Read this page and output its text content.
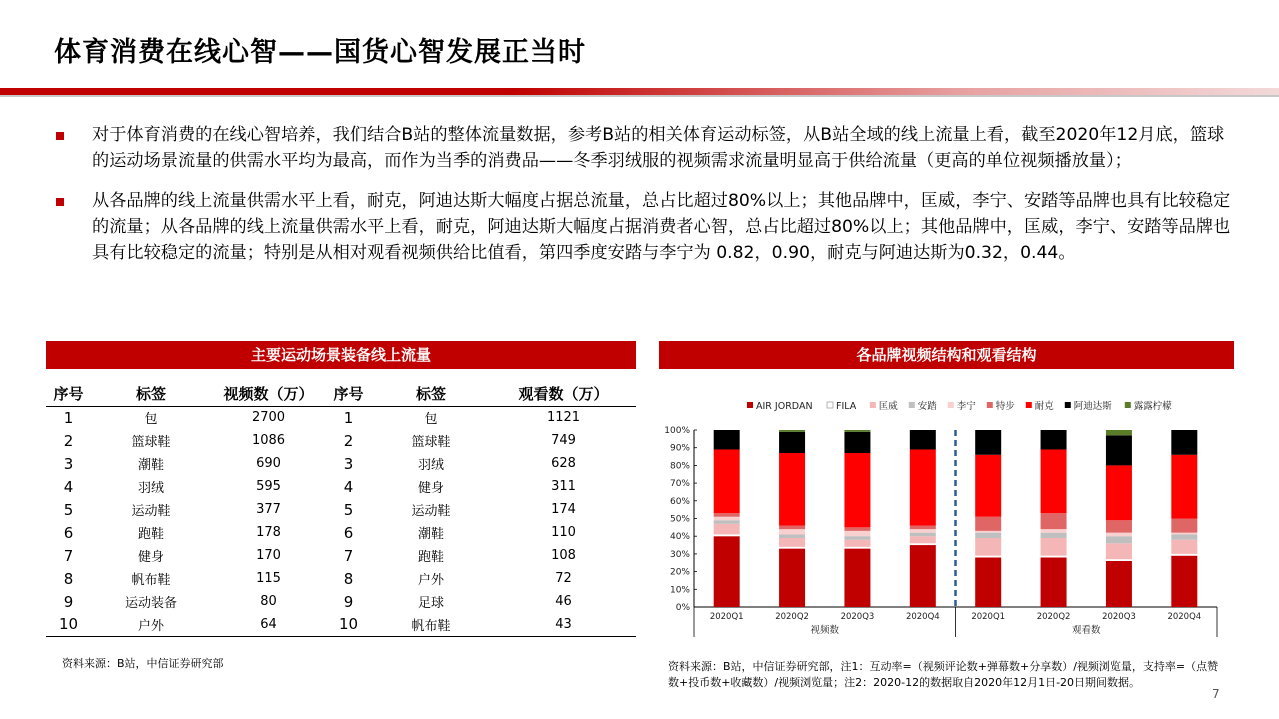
体育消费在线心智——国货心智发展正当时
对于体育消费的在线心智培养，我们结合B站的整体流量数据，参考B站的相关体育运动标签，从B站全域的线上流量上看，截至2020年12月底，篮球的运动场景流量的供需水平均为最高，而作为当季的消费品——冬季羽绒服的视频需求流量明显高于供给流量（更高的单位视频播放量）；
从各品牌的线上流量供需水平上看，耐克，阿迪达斯大幅度占据总流量，总占比超过80%以上；其他品牌中，匡威，李宁、安踏等品牌也具有比较稳定的流量；从各品牌的线上流量供需水平上看，耐克，阿迪达斯大幅度占据消费者心智，总占比超过80%以上；其他品牌中，匡威，李宁、安踏等品牌也具有比较稳定的流量；特别是从相对观看视频供给比值看，第四季度安踏与李宁为 0.82，0.90，耐克与阿迪达斯为0.32，0.44。
主要运动场景装备线上流量
序号	标签	视频数（万）	序号	标签	观看数（万）
1	包	2700	1	包	1121
2	篮球鞋	1086	2	篮球鞋	749
3	潮鞋	690	3	羽绒	628
4	羽绒	595	4	健身	311
5	运动鞋	377	5	运动鞋	174
6	跑鞋	178	6	潮鞋	110
7	健身	170	7	跑鞋	108
8	帆布鞋	115	8	户外	72
9	运动装备	80	9	足球	46
10	户外	64	10	帆布鞋	43
资料来源：B站，中信证券研究部
各品牌视频结构和观看结构
AIR JORDAN FILA 匡威 安踏 李宁 特步 耐克 阿迪达斯 露露柠檬
0%
10%
20%
30%
40%
50%
60%
70%
80%
90%
100%
2020Q1	2020Q2	2020Q3	2020Q4	2020Q1	2020Q2	2020Q3	2020Q4
视频数	观看数
资料来源：B站，中信证券研究部，注1：互动率=（视频评论数+弹幕数+分享数）/视频浏览量，支持率=（点赞数+投币数+收藏数）/视频浏览量；注2：2020-12的数据取自2020年12月1日-20日期间数据。
7
